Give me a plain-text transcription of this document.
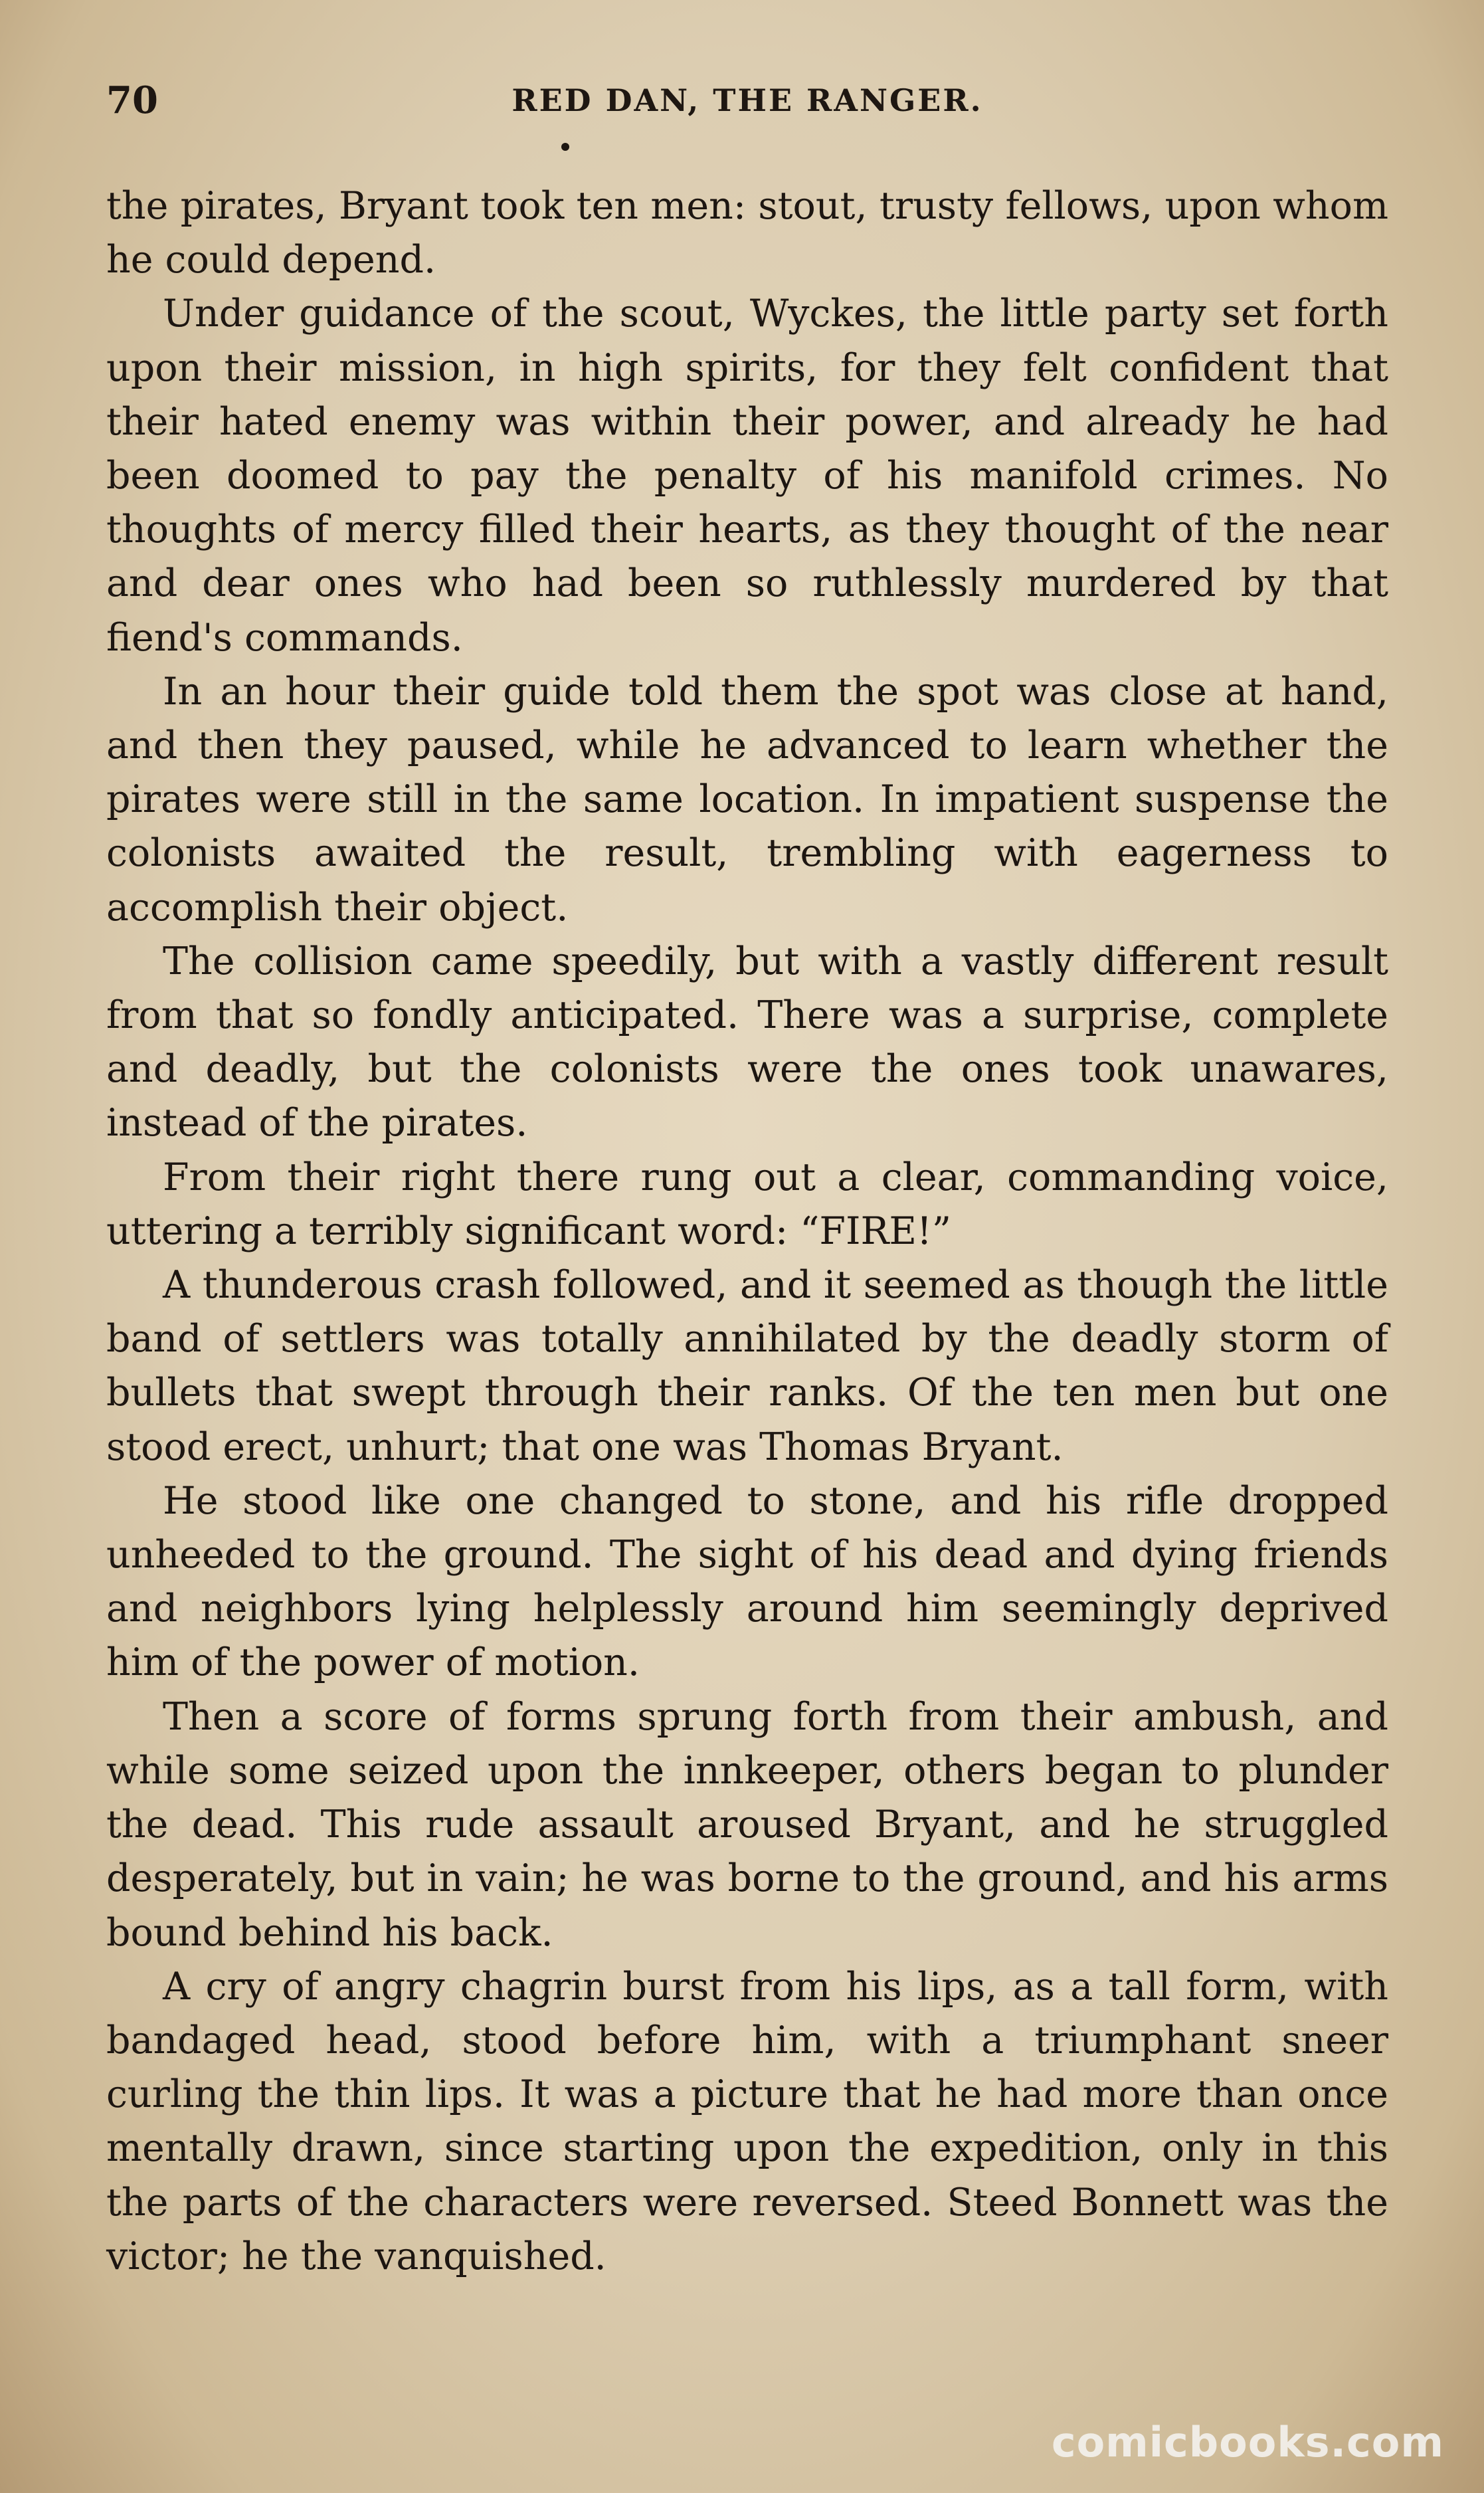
70	RED DAN, THE RANGER.

the pirates, Bryant took ten men: stout, trusty fellows, upon whom he could depend.

Under guidance of the scout, Wyckes, the little party set forth upon their mission, in high spirits, for they felt confident that their hated enemy was within their power, and already he had been doomed to pay the penalty of his manifold crimes. No thoughts of mercy filled their hearts, as they thought of the near and dear ones who had been so ruthlessly murdered by that fiend's commands.

In an hour their guide told them the spot was close at hand, and then they paused, while he advanced to learn whether the pirates were still in the same location. In impatient suspense the colonists awaited the result, trembling with eagerness to accomplish their object.

The collision came speedily, but with a vastly different result from that so fondly anticipated. There was a surprise, complete and deadly, but the colonists were the ones took unawares, instead of the pirates.

From their right there rung out a clear, commanding voice, uttering a terribly significant word: “FIRE!”

A thunderous crash followed, and it seemed as though the little band of settlers was totally annihilated by the deadly storm of bullets that swept through their ranks. Of the ten men but one stood erect, unhurt; that one was Thomas Bryant.

He stood like one changed to stone, and his rifle dropped unheeded to the ground. The sight of his dead and dying friends and neighbors lying helplessly around him seemingly deprived him of the power of motion.

Then a score of forms sprung forth from their ambush, and while some seized upon the innkeeper, others began to plunder the dead. This rude assault aroused Bryant, and he struggled desperately, but in vain; he was borne to the ground, and his arms bound behind his back.

A cry of angry chagrin burst from his lips, as a tall form, with bandaged head, stood before him, with a triumphant sneer curling the thin lips. It was a picture that he had more than once mentally drawn, since starting upon the expedition, only in this the parts of the characters were reversed. Steed Bonnett was the victor; he the vanquished.

comicbooks.com
